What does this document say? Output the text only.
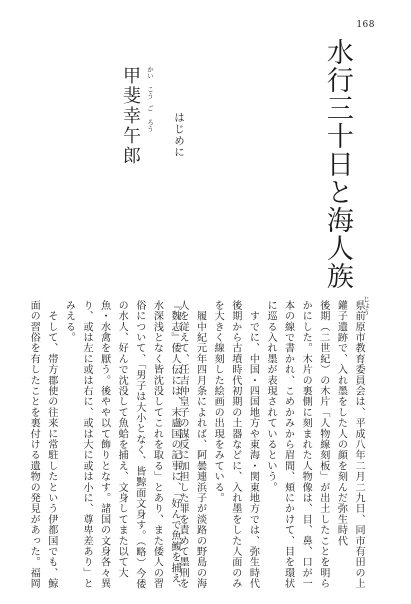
168
水行三十日と海人族
甲斐幸午郎 かい
こう
ご
ろう はじめに
『魏志』倭人伝には、末盧国の記事に、「好んで魚鰒を捕え、
水深浅となく皆沈没してこれを取る」とあり、また倭人の習
俗について、「男子は大小となく、皆黥面文身す。（略）今倭
の水人、好んで沈没して魚蛤を捕え、文身してまた以て大
魚・水禽を厭う。後やや以て飾りとなす。諸国の文身各々異
り、或は左に或は右に、或は大に或は小に、尊卑差あり」と
みえる。
　そして、帯方郡使の往来に常駐したという伊都国でも、鯨
面の習俗を有したことを裏付ける遺物の発見があった。福岡	県前原市教育委員会は、平成八年二月二九日、同市有田の上
鑵子遺跡で、入れ墨をした人の顔を刻んだ弥生時代
後期（二世紀）の木片「人物線刻板」が出土したことを明ら
かにした。木片の裏側に刻まれた人物像は、目、鼻、口が一
本の線で書かれ、こめかみから眉間、頬にかけて、目を環状
に巡る入れ墨が表現されているという。
　すでに、中国・四国地方や東海・関東地方では、弥生時代
後期から古墳時代初期の土器などに、入れ墨をした人面のみ
を大きく線刻した絵画の出現をみている。
　履中紀元年四月条によれば、阿曇連浜子が淡路の野島の海
人を従えて、任吉仲皇子の謀反に加担した罪を責めて墨刑を	じょう
